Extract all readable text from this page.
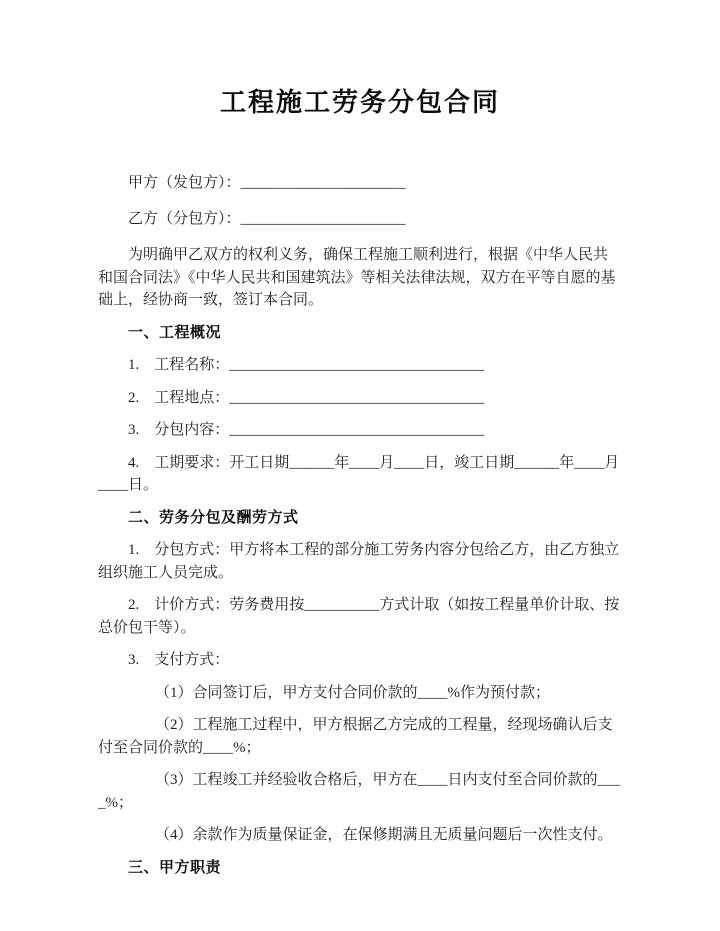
工程施工劳务分包合同

甲方（发包方）：______________________

乙方（分包方）：______________________

为明确甲乙双方的权利义务，确保工程施工顺利进行，根据《中华人民共和国合同法》《中华人民共和国建筑法》等相关法律法规，双方在平等自愿的基础上，经协商一致，签订本合同。

一、工程概况

1.　工程名称：__________________________________

2.　工程地点：__________________________________

3.　分包内容：__________________________________

4.　工期要求：开工日期______年____月____日，竣工日期______年____月____日。

二、劳务分包及酬劳方式

1.　分包方式：甲方将本工程的部分施工劳务内容分包给乙方，由乙方独立组织施工人员完成。

2.　计价方式：劳务费用按__________方式计取（如按工程量单价计取、按总价包干等）。

3.　支付方式：

（1）合同签订后，甲方支付合同价款的____%作为预付款；

（2）工程施工过程中，甲方根据乙方完成的工程量，经现场确认后支付至合同价款的____%；

（3）工程竣工并经验收合格后，甲方在____日内支付至合同价款的____%；

（4）余款作为质量保证金，在保修期满且无质量问题后一次性支付。

三、甲方职责
